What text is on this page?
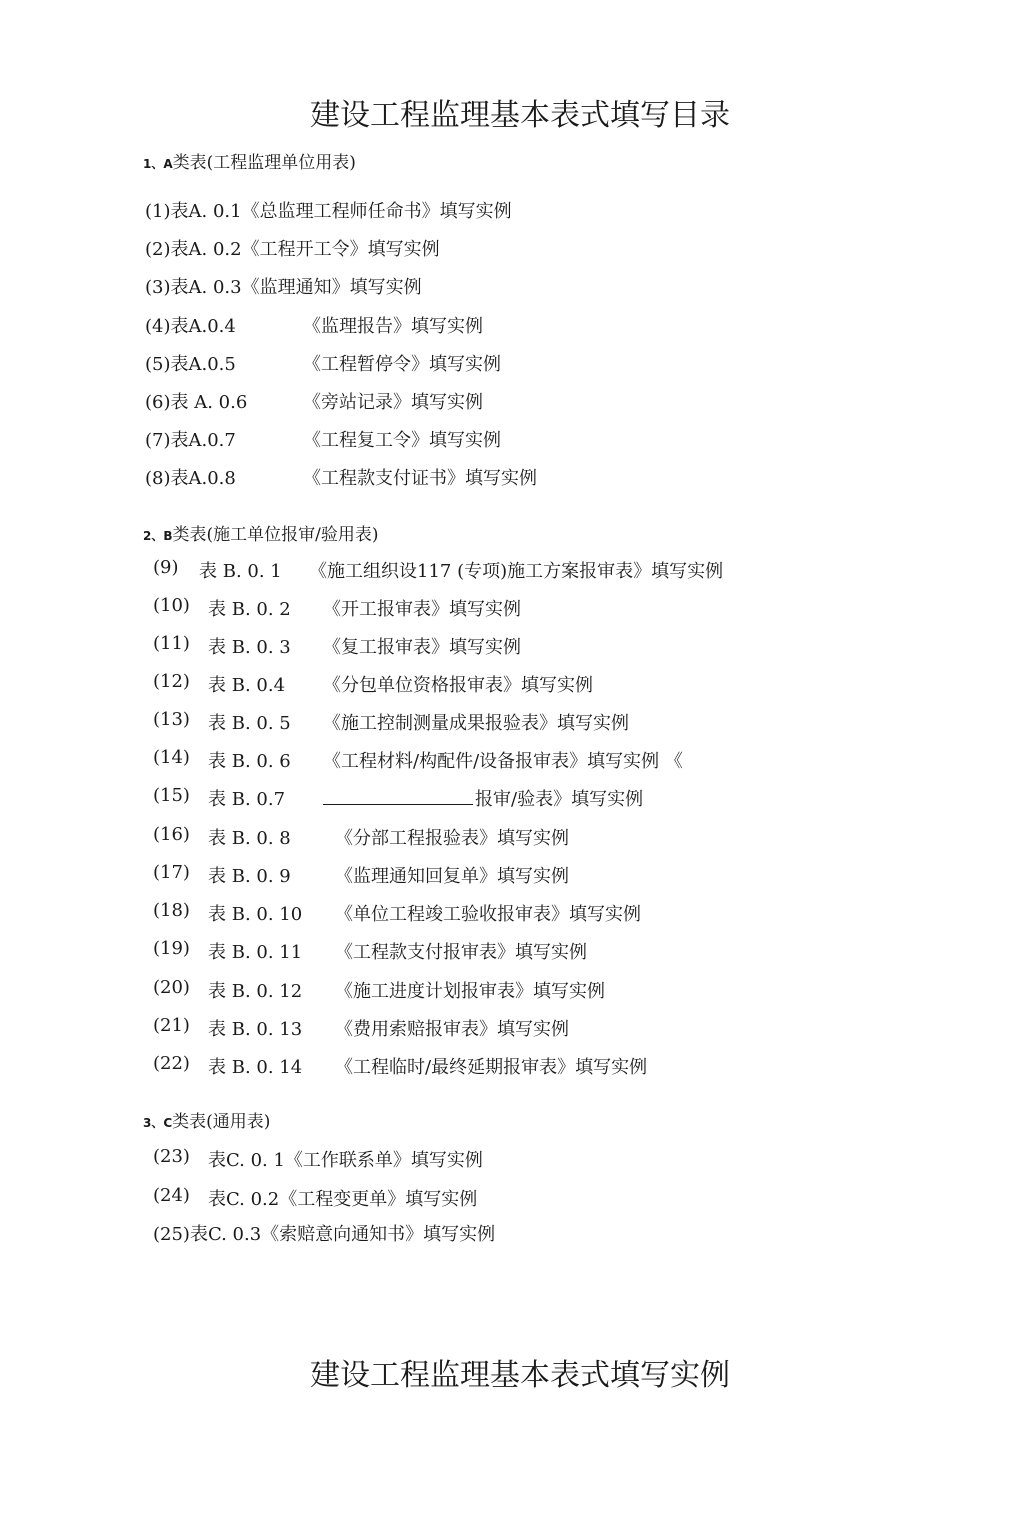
建设工程监理基本表式填写目录
1、A类表(工程监理单位用表)
(1)表A. 0.1《总监理工程师任命书》填写实例
(2)表A. 0.2《工程开工令》填写实例
(3)表A. 0.3《监理通知》填写实例
(4)表A.0.4	《监理报告》填写实例
(5)表A.0.5	《工程暂停令》填写实例
(6)表 A. 0.6	《旁站记录》填写实例
(7)表A.0.7	《工程复工令》填写实例
(8)表A.0.8	《工程款支付证书》填写实例
2、B类表(施工单位报审/验用表)
(9) 表 B. 0. 1 《施工组织设117 (专项)施工方案报审表》填写实例
(10) 表 B. 0. 2 《开工报审表》填写实例
(11) 表 B. 0. 3 《复工报审表》填写实例
(12) 表 B. 0.4 《分包单位资格报审表》填写实例
(13) 表 B. 0. 5 《施工控制测量成果报验表》填写实例
(14) 表 B. 0. 6 《工程材料/构配件/设备报审表》填写实例 《
(15) 表 B. 0.7	报审/验表》填写实例
(16) 表 B. 0. 8 《分部工程报验表》填写实例
(17) 表 B. 0. 9 《监理通知回复单》填写实例
(18) 表 B. 0. 10 《单位工程竣工验收报审表》填写实例
(19) 表 B. 0. 11 《工程款支付报审表》填写实例
(20) 表 B. 0. 12 《施工进度计划报审表》填写实例
(21) 表 B. 0. 13 《费用索赔报审表》填写实例
(22) 表 B. 0. 14 《工程临时/最终延期报审表》填写实例
3、C类表(通用表)
(23) 表C. 0. 1《工作联系单》填写实例
(24) 表C. 0.2《工程变更单》填写实例
(25)表C. 0.3《索赔意向通知书》填写实例
建设工程监理基本表式填写实例
